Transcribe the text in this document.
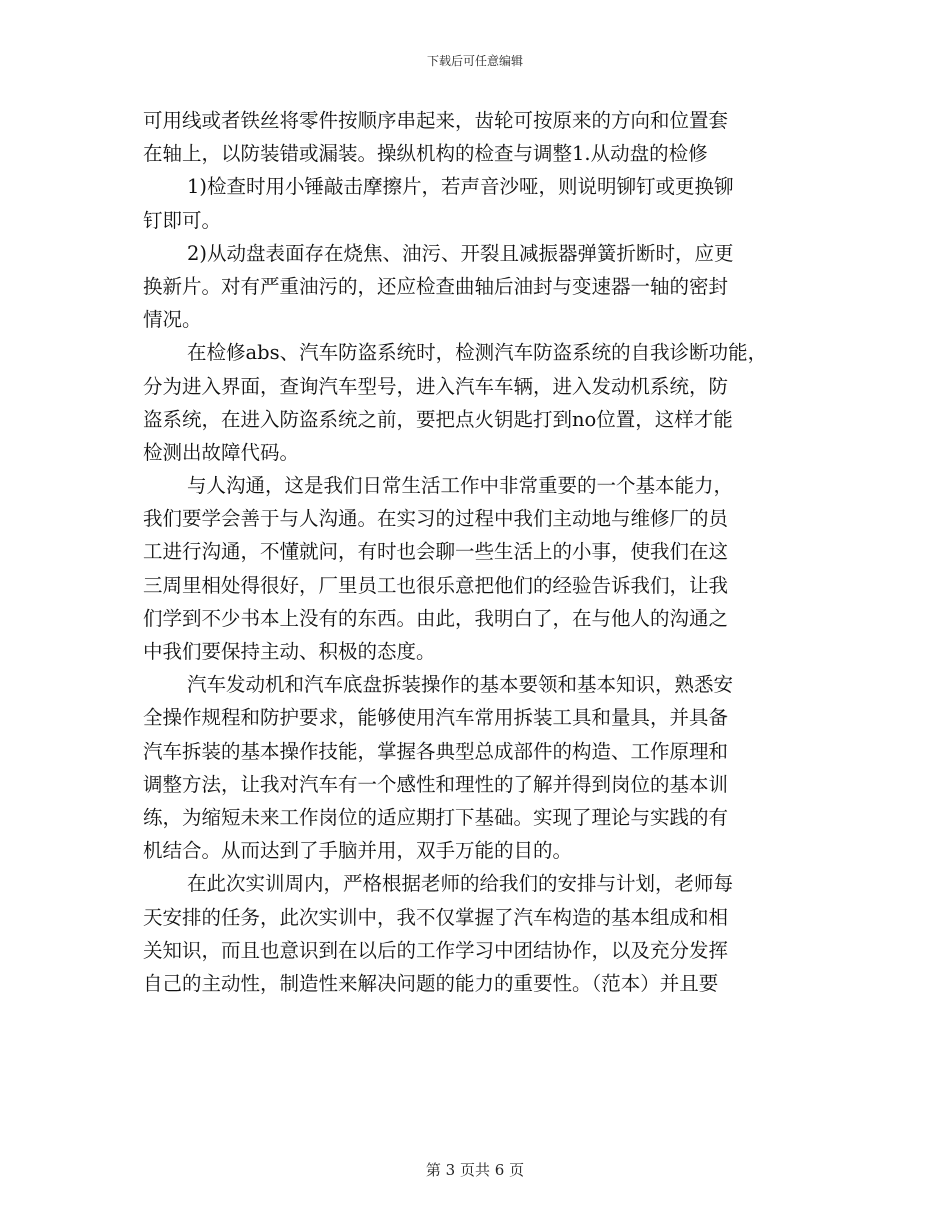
下载后可任意编辑
可用线或者铁丝将零件按顺序串起来，齿轮可按原来的方向和位置套
在轴上，以防装错或漏装。操纵机构的检查与调整1.从动盘的检修
1)检查时用小锤敲击摩擦片，若声音沙哑，则说明铆钉或更换铆
钉即可。
2)从动盘表面存在烧焦、油污、开裂且减振器弹簧折断时，应更
换新片。对有严重油污的，还应检查曲轴后油封与变速器一轴的密封
情况。
在检修abs、汽车防盗系统时，检测汽车防盗系统的自我诊断功能，
分为进入界面，查询汽车型号，进入汽车车辆，进入发动机系统，防
盗系统，在进入防盗系统之前，要把点火钥匙打到no位置，这样才能
检测出故障代码。
与人沟通，这是我们日常生活工作中非常重要的一个基本能力，
我们要学会善于与人沟通。在实习的过程中我们主动地与维修厂的员
工进行沟通，不懂就问，有时也会聊一些生活上的小事，使我们在这
三周里相处得很好，厂里员工也很乐意把他们的经验告诉我们，让我
们学到不少书本上没有的东西。由此，我明白了，在与他人的沟通之
中我们要保持主动、积极的态度。
汽车发动机和汽车底盘拆装操作的基本要领和基本知识，熟悉安
全操作规程和防护要求，能够使用汽车常用拆装工具和量具，并具备
汽车拆装的基本操作技能，掌握各典型总成部件的构造、工作原理和
调整方法，让我对汽车有一个感性和理性的了解并得到岗位的基本训
练，为缩短未来工作岗位的适应期打下基础。实现了理论与实践的有
机结合。从而达到了手脑并用，双手万能的目的。
在此次实训周内，严格根据老师的给我们的安排与计划，老师每
天安排的任务，此次实训中，我不仅掌握了汽车构造的基本组成和相
关知识，而且也意识到在以后的工作学习中团结协作，以及充分发挥
自己的主动性，制造性来解决问题的能力的重要性。（范本）并且要
第 3 页共 6 页
